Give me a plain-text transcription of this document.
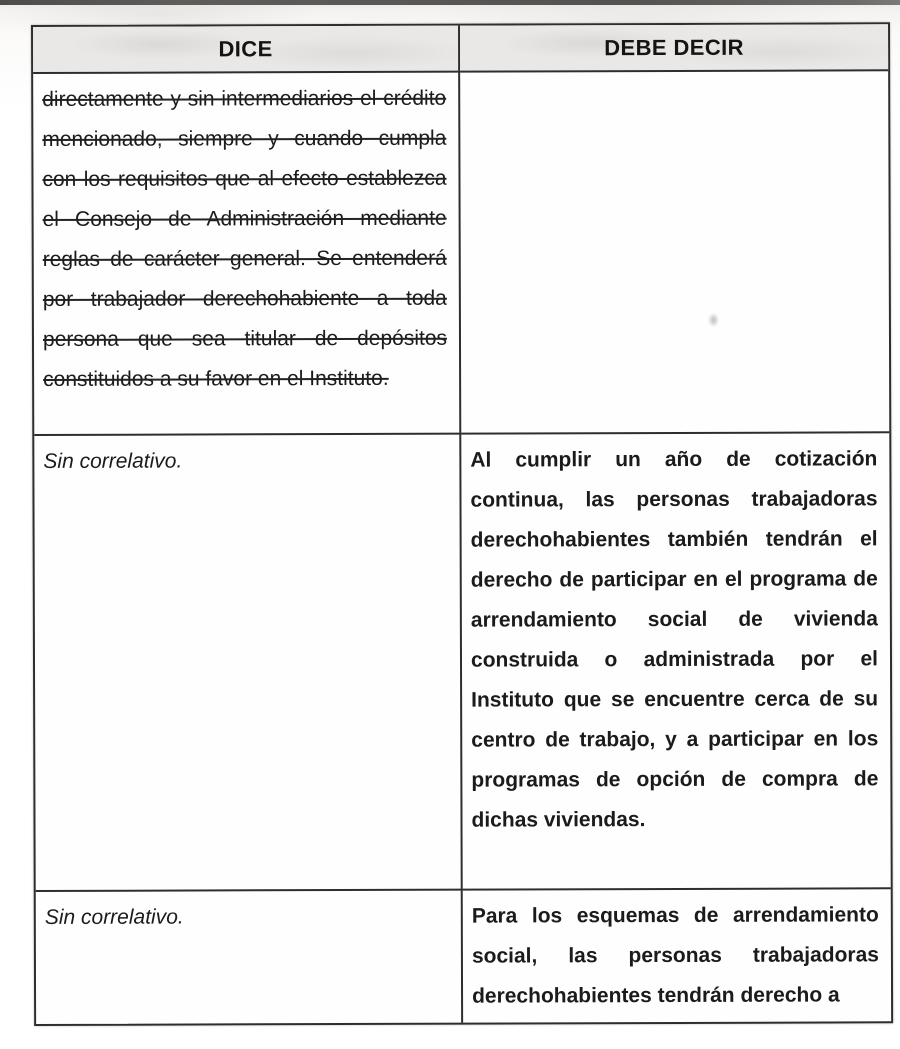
DICE	DEBE DECIR
directamente y sin intermediarios el crédito mencionado, siempre y cuando cumpla con los requisitos que al efecto establezca el Consejo de Administración mediante reglas de carácter general. Se entenderá por trabajador derechohabiente a toda persona que sea titular de depósitos constituidos a su favor en el Instituto.
Sin correlativo.	Al cumplir un año de cotización continua, las personas trabajadoras derechohabientes también tendrán el derecho de participar en el programa de arrendamiento social de vivienda construida o administrada por el Instituto que se encuentre cerca de su centro de trabajo, y a participar en los programas de opción de compra de dichas viviendas.
Sin correlativo.	Para los esquemas de arrendamiento social, las personas trabajadoras derechohabientes tendrán derecho a
